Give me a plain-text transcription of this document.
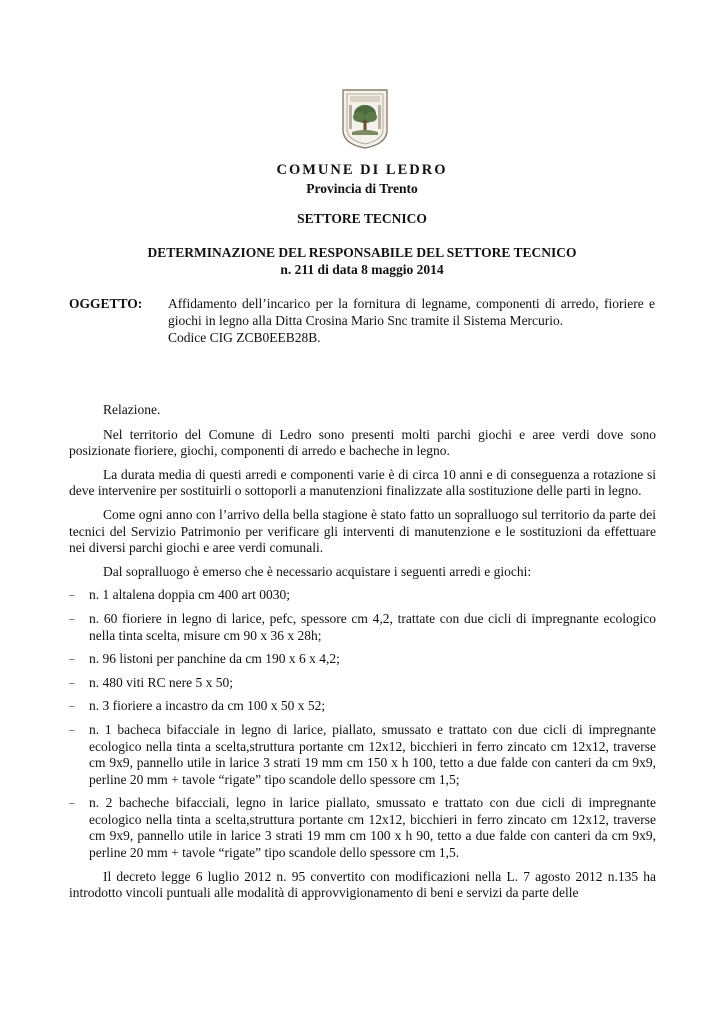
COMUNE DI LEDRO
Provincia di Trento
SETTORE TECNICO
DETERMINAZIONE DEL RESPONSABILE DEL SETTORE TECNICO
n. 211 di data 8 maggio 2014
OGGETTO: Affidamento dell’incarico per la fornitura di legname, componenti di arredo, fioriere e giochi in legno alla Ditta Crosina Mario Snc tramite il Sistema Mercurio.

Codice CIG ZCB0EEB28B.

Relazione.

Nel territorio del Comune di Ledro sono presenti molti parchi giochi e aree verdi dove sono posizionate fioriere, giochi, componenti di arredo e bacheche in legno.

La durata media di questi arredi e componenti varie è di circa 10 anni e di conseguenza a rotazione si deve intervenire per sostituirli o sottoporli a manutenzioni finalizzate alla sostituzione delle parti in legno.

Come ogni anno con l’arrivo della bella stagione è stato fatto un sopralluogo sul territorio da parte dei tecnici del Servizio Patrimonio per verificare gli interventi di manutenzione e le sostituzioni da effettuare nei diversi parchi giochi e aree verdi comunali.

Dal sopralluogo è emerso che è necessario acquistare i seguenti arredi e giochi:

– n. 1 altalena doppia cm 400 art 0030;
– n. 60 fioriere in legno di larice, pefc, spessore cm 4,2, trattate con due cicli di impregnante ecologico nella tinta scelta, misure cm 90 x 36 x 28h;
– n. 96 listoni per panchine da cm 190 x 6 x 4,2;
– n. 480 viti RC nere 5 x 50;
– n. 3 fioriere a incastro da cm 100 x 50 x 52;
– n. 1 bacheca bifacciale in legno di larice, piallato, smussato e trattato con due cicli di impregnante ecologico nella tinta a scelta,struttura portante cm 12x12, bicchieri in ferro zincato cm 12x12, traverse cm 9x9, pannello utile in larice 3 strati 19 mm cm 150 x h 100, tetto a due falde con canteri da cm 9x9, perline 20 mm + tavole “rigate” tipo scandole dello spessore cm 1,5;
– n. 2 bacheche bifacciali, legno in larice piallato, smussato e trattato con due cicli di impregnante ecologico nella tinta a scelta,struttura portante cm 12x12, bicchieri in ferro zincato cm 12x12, traverse cm 9x9, pannello utile in larice 3 strati 19 mm cm 100 x h 90, tetto a due falde con canteri da cm 9x9, perline 20 mm + tavole “rigate” tipo scandole dello spessore cm 1,5.

Il decreto legge 6 luglio 2012 n. 95 convertito con modificazioni nella L. 7 agosto 2012 n.135 ha introdotto vincoli puntuali alle modalità di approvvigionamento di beni e servizi da parte delle
